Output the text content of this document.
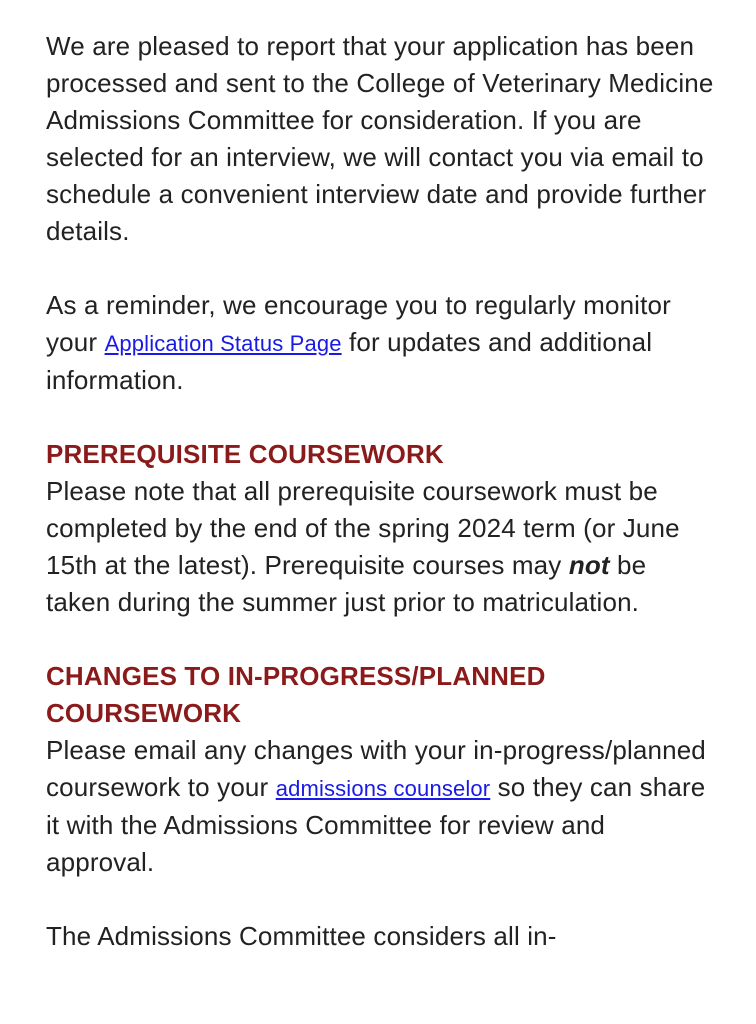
We are pleased to report that your application has been processed and sent to the College of Veterinary Medicine Admissions Committee for consideration. If you are selected for an interview, we will contact you via email to schedule a convenient interview date and provide further details.

As a reminder, we encourage you to regularly monitor your Application Status Page for updates and additional information.

PREREQUISITE COURSEWORK

Please note that all prerequisite coursework must be completed by the end of the spring 2024 term (or June 15th at the latest). Prerequisite courses may not be taken during the summer just prior to matriculation.

CHANGES TO IN-PROGRESS/PLANNED COURSEWORK

Please email any changes with your in-progress/planned coursework to your admissions counselor so they can share it with the Admissions Committee for review and approval.

The Admissions Committee considers all in-
